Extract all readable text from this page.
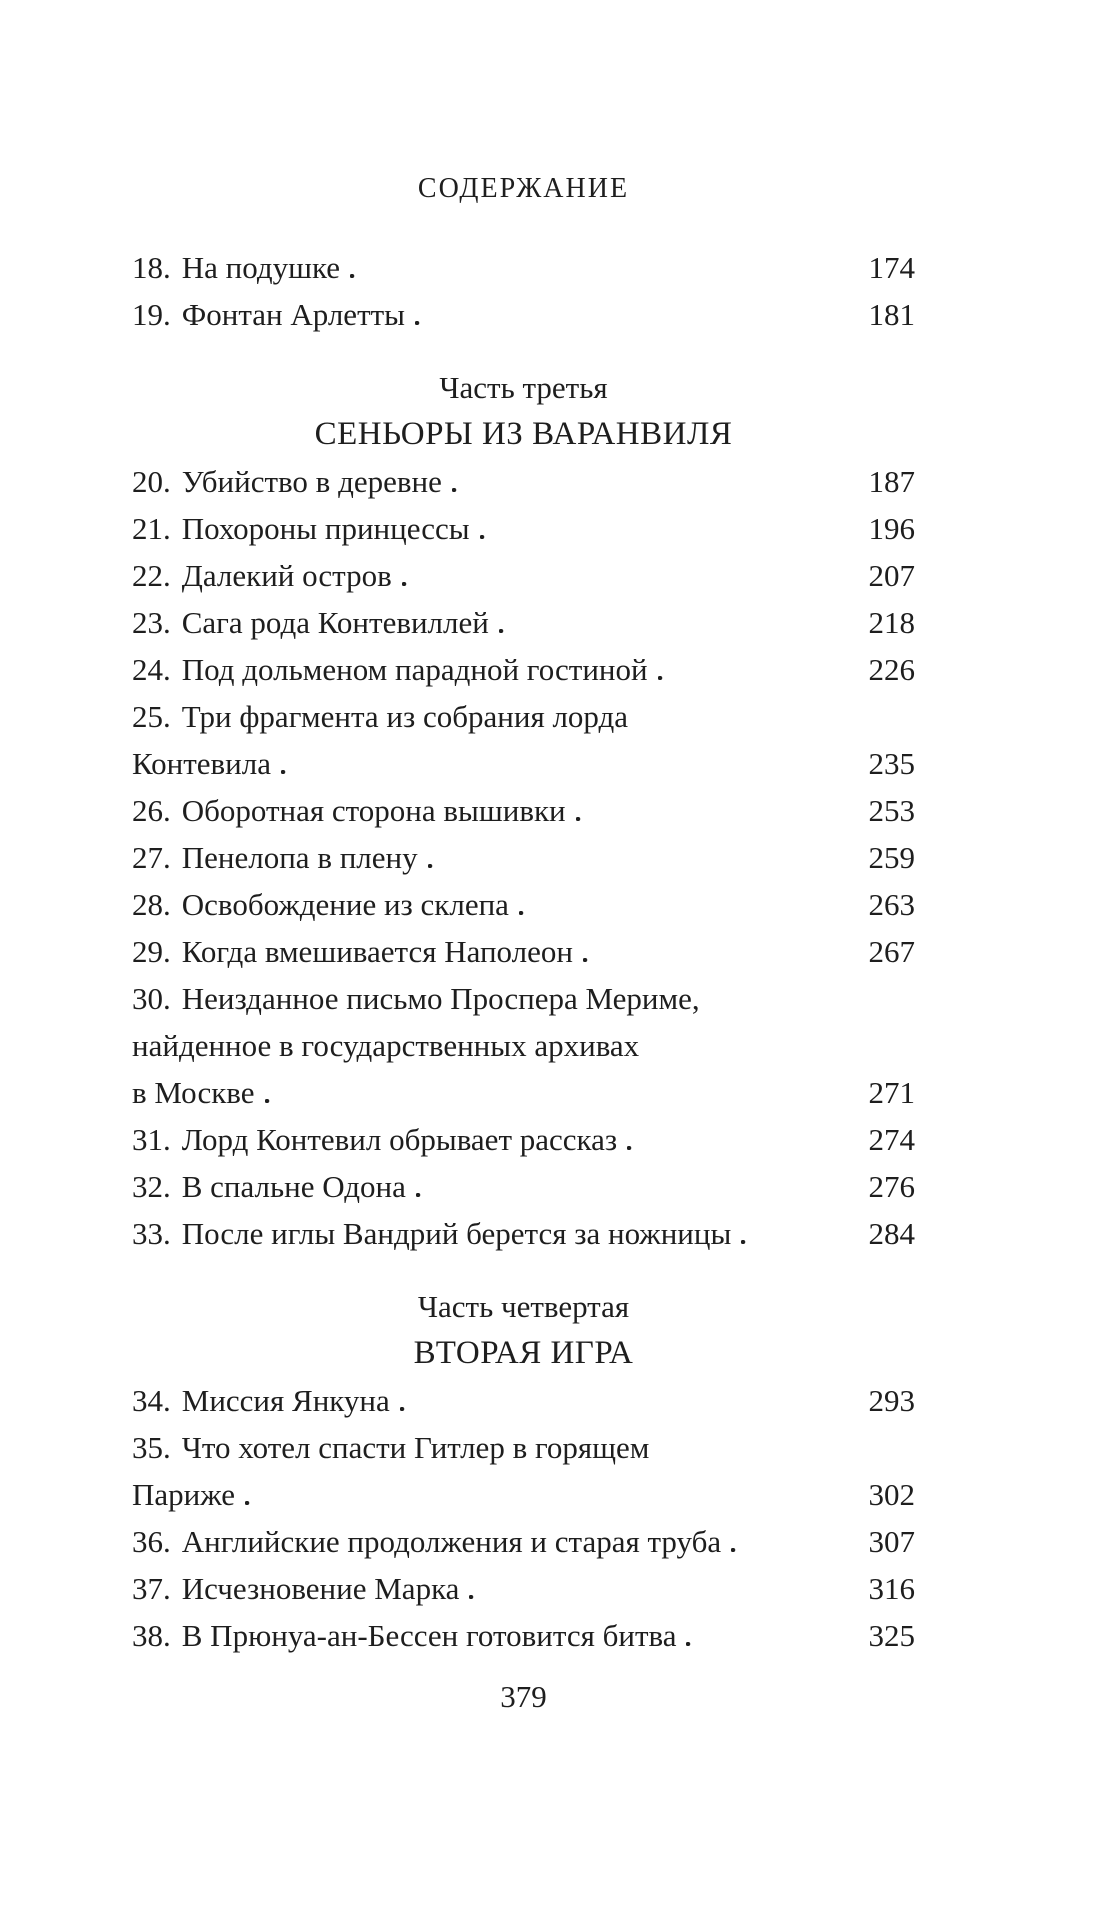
СОДЕРЖАНИЕ
18. На подушке	174
19. Фонтан Арлетты	181
Часть третья
СЕНЬОРЫ ИЗ ВАРАНВИЛЯ
20. Убийство в деревне	187
21. Похороны принцессы	196
22. Далекий остров	207
23. Сага рода Контевиллей	218
24. Под дольменом парадной гостиной	226
25. Три фрагмента из собрания лорда
Контевила	235
26. Оборотная сторона вышивки	253
27. Пенелопа в плену	259
28. Освобождение из склепа	263
29. Когда вмешивается Наполеон	267
30. Неизданное письмо Проспера Мериме,
найденное в государственных архивах
в Москве	271
31. Лорд Контевил обрывает рассказ	274
32. В спальне Одона	276
33. После иглы Вандрий берется за ножницы	284
Часть четвертая
ВТОРАЯ ИГРА
34. Миссия Янкуна	293
35. Что хотел спасти Гитлер в горящем
Париже	302
36. Английские продолжения и старая труба	307
37. Исчезновение Марка	316
38. В Прюнуа-ан-Бессен готовится битва	325
379
